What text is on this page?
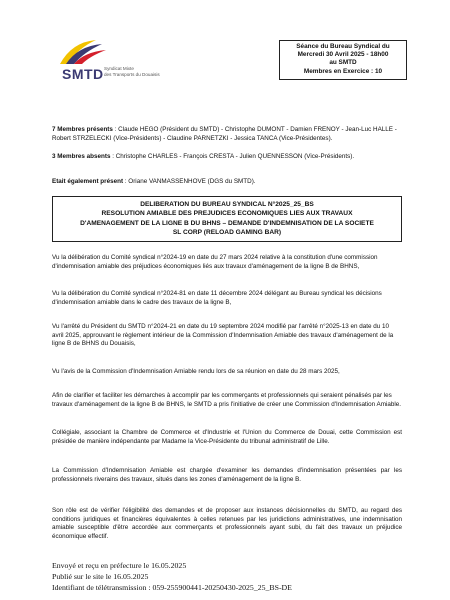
SMTD Syndicat Mixte
des Transports du Douaisis
Séance du Bureau Syndical du
Mercredi 30 Avril 2025 - 18h00
au SMTD
Membres en Exercice : 10
7 Membres présents : Claude HEGO (Président du SMTD) - Christophe DUMONT - Damien FRENOY - Jean-Luc HALLE - Robert STRZELECKI (Vice-Présidents) - Claudine PARNETZKI - Jessica TANCA (Vice-Présidentes).
3 Membres absents : Christophe CHARLES - François CRESTA - Julien QUENNESSON (Vice-Présidents).
Etait également présent : Oriane VANMASSENHOVE (DGS du SMTD).
DELIBERATION DU BUREAU SYNDICAL N°2025_25_BS
RESOLUTION AMIABLE DES PREJUDICES ECONOMIQUES LIES AUX TRAVAUX
D'AMENAGEMENT DE LA LIGNE B DU BHNS – DEMANDE D'INDEMNISATION DE LA SOCIETE
SL CORP (RELOAD GAMING BAR)
Vu la délibération du Comité syndical n°2024-19 en date du 27 mars 2024 relative à la constitution d'une commission d'indemnisation amiable des préjudices économiques liés aux travaux d'aménagement de la ligne B de BHNS,
Vu la délibération du Comité syndical n°2024-81 en date 11 décembre 2024 délégant au Bureau syndical les décisions d'indemnisation amiable dans le cadre des travaux de la ligne B,
Vu l'arrêté du Président du SMTD n°2024-21 en date du 19 septembre 2024 modifié par l'arrêté n°2025-13 en date du 10 avril 2025, approuvant le règlement intérieur de la Commission d'Indemnisation Amiable des travaux d'aménagement de la ligne B de BHNS du Douaisis,
Vu l'avis de la Commission d'Indemnisation Amiable rendu lors de sa réunion en date du 28 mars 2025,
Afin de clarifier et faciliter les démarches à accomplir par les commerçants et professionnels qui seraient pénalisés par les travaux d'aménagement de la ligne B de BHNS, le SMTD a pris l'initiative de créer une Commission d'Indemnisation Amiable.
Collégiale, associant la Chambre de Commerce et d'Industrie et l'Union du Commerce de Douai, cette Commission est présidée de manière indépendante par Madame la Vice-Présidente du tribunal administratif de Lille.
La Commission d'Indemnisation Amiable est chargée d'examiner les demandes d'indemnisation présentées par les professionnels riverains des travaux, situés dans les zones d'aménagement de la ligne B.
Son rôle est de vérifier l'éligibilité des demandes et de proposer aux instances décisionnelles du SMTD, au regard des conditions juridiques et financières équivalentes à celles retenues par les juridictions administratives, une indemnisation amiable susceptible d'être accordée aux commerçants et professionnels ayant subi, du fait des travaux un préjudice économique effectif.
Envoyé et reçu en préfecture le 16.05.2025
Publié sur le site le 16.05.2025
Identifiant de télétransmission : 059-255900441-20250430-2025_25_BS-DE
